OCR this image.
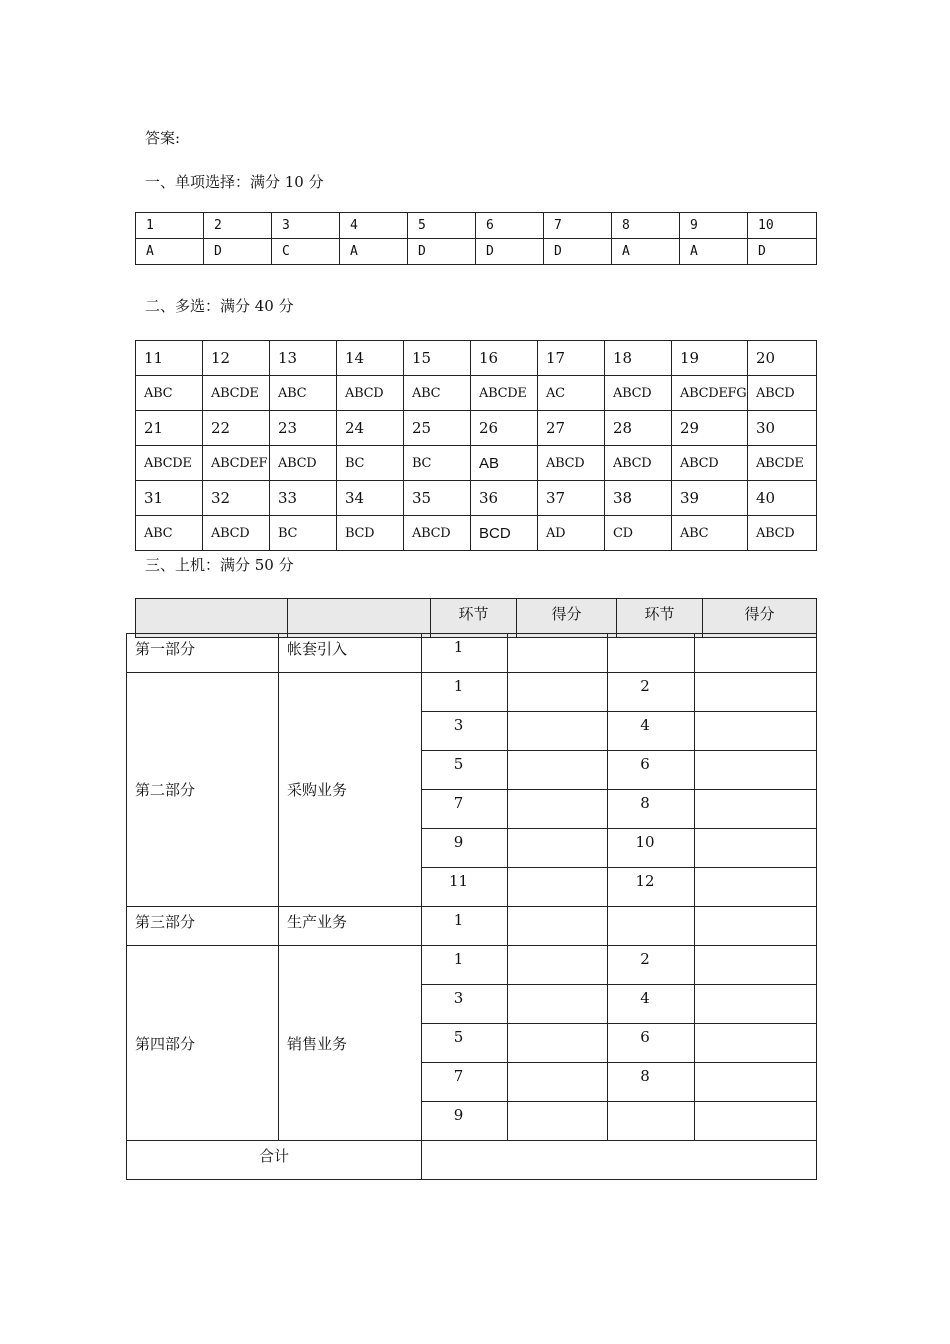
答案:
一、单项选择：满分 10 分
1	2	3	4	5	6	7	8	9	10
A	D	C	A	D	D	D	A	A	D
二、多选：满分 40 分
11	12	13	14	15	16	17	18	19	20
ABC	ABCDE	ABC	ABCD	ABC	ABCDE	AC	ABCD	ABCDEFG	ABCD
21	22	23	24	25	26	27	28	29	30
ABCDE	ABCDEF	ABCD	BC	BC	AB	ABCD	ABCD	ABCD	ABCDE
31	32	33	34	35	36	37	38	39	40
ABC	ABCD	BC	BCD	ABCD	BCD	AD	CD	ABC	ABCD
三、上机：满分 50 分
		环节	得分	环节	得分
第一部分	帐套引入	1			
第二部分	采购业务	1		2	
		3		4	
		5		6	
		7		8	
		9		10	
		11		12	
第三部分	生产业务	1			
第四部分	销售业务	1		2	
		3		4	
		5		6	
		7		8	
		9			
合计					
